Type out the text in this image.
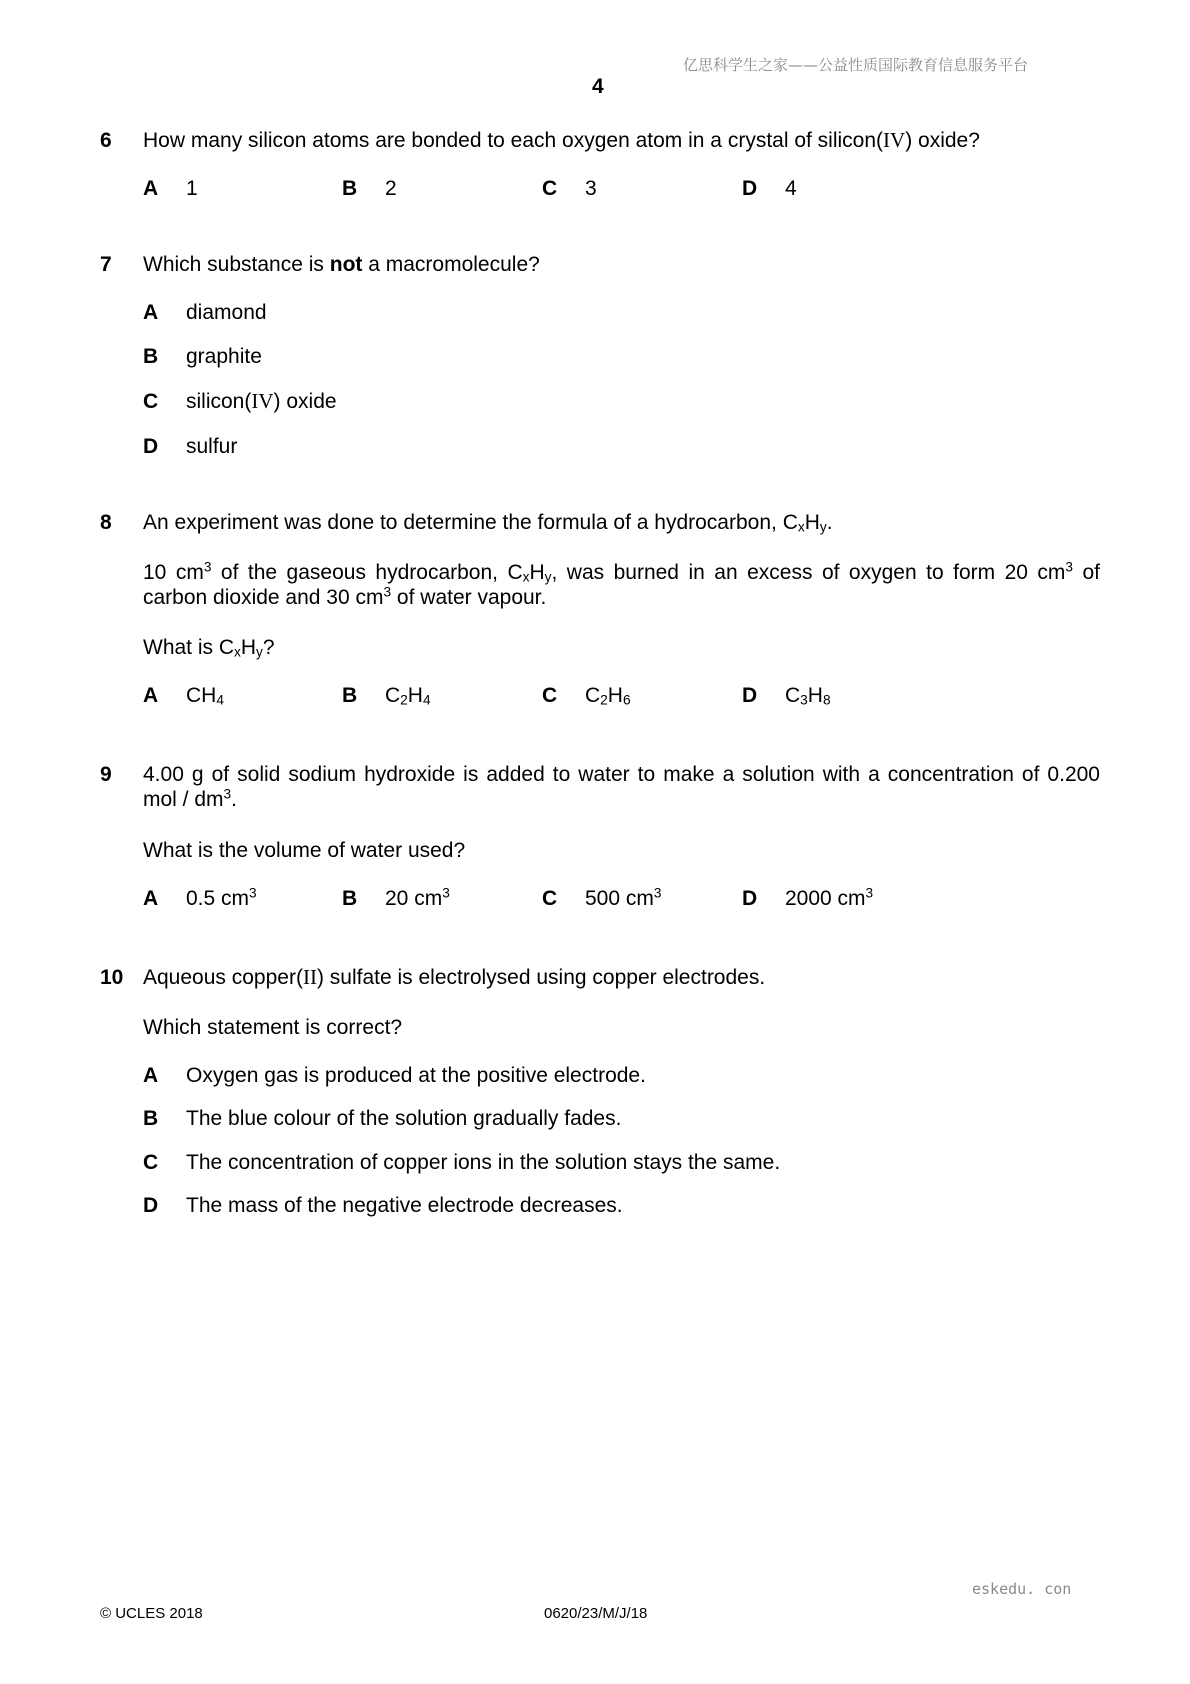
亿思科学生之家——公益性质国际教育信息服务平台
4
6 How many silicon atoms are bonded to each oxygen atom in a crystal of silicon(IV) oxide?
A 1	B 2	C 3	D 4
7 Which substance is not a macromolecule?
A diamond
B graphite
C silicon(IV) oxide
D sulfur
8 An experiment was done to determine the formula of a hydrocarbon, $C_xH_y$.
10 $cm^3$ of the gaseous hydrocarbon, $C_xH_y$, was burned in an excess of oxygen to form 20 $cm^3$ of carbon dioxide and 30 $cm^3$ of water vapour.
What is $C_xH_y$?
A $CH_4$	B $C_2H_4$	C $C_2H_6$	D $C_3H_8$
9 4.00 g of solid sodium hydroxide is added to water to make a solution with a concentration of 0.200 mol / $dm^3$.
What is the volume of water used?
A 0.5 $cm^3$	B 20 $cm^3$	C 500 $cm^3$	D 2000 $cm^3$
10 Aqueous copper(II) sulfate is electrolysed using copper electrodes.
Which statement is correct?
A Oxygen gas is produced at the positive electrode.
B The blue colour of the solution gradually fades.
C The concentration of copper ions in the solution stays the same.
D The mass of the negative electrode decreases.
eskedu. con
© UCLES 2018	0620/23/M/J/18
